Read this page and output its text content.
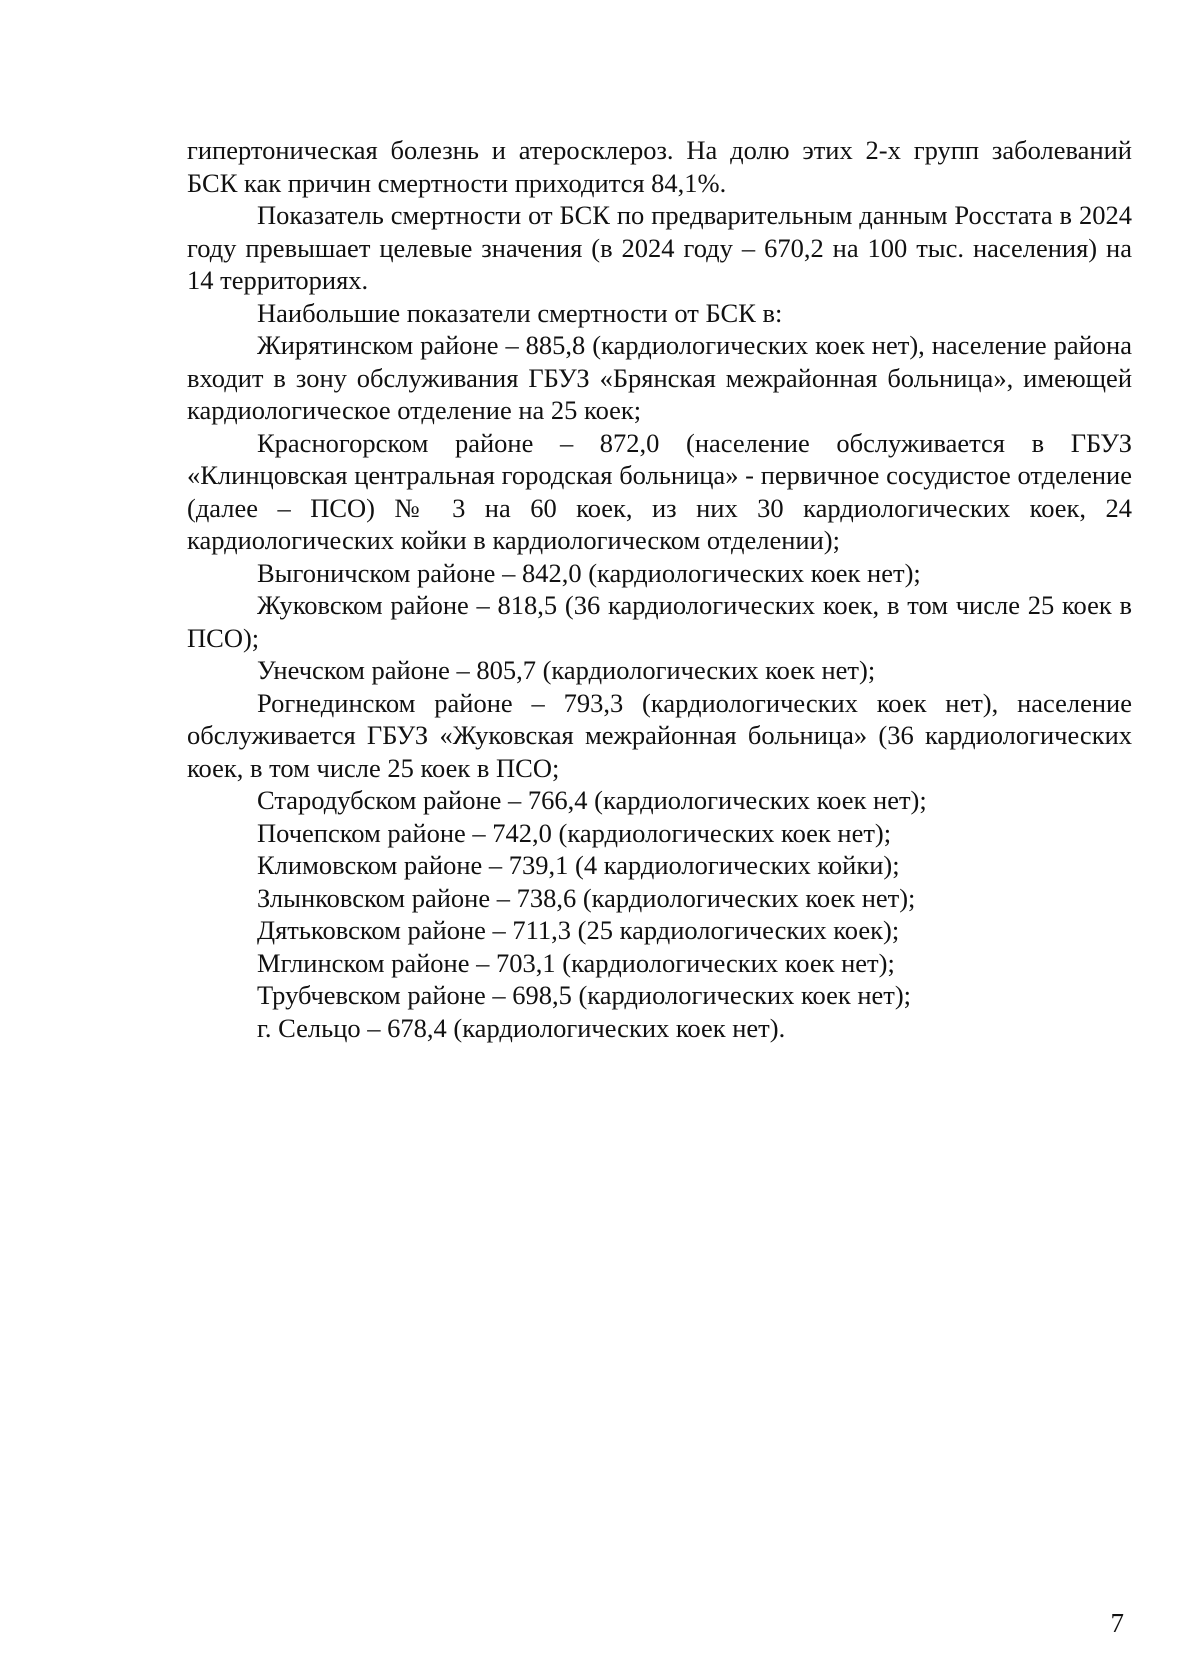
гипертоническая болезнь и атеросклероз. На долю этих 2-х групп заболеваний БСК как причин смертности приходится 84,1%.

Показатель смертности от БСК по предварительным данным Росстата в 2024 году превышает целевые значения (в 2024 году – 670,2 на 100 тыс. населения) на 14 территориях.

Наибольшие показатели смертности от БСК в:

Жирятинском районе – 885,8 (кардиологических коек нет), население района входит в зону обслуживания ГБУЗ «Брянская межрайонная больница», имеющей кардиологическое отделение на 25 коек;

Красногорском районе – 872,0 (население обслуживается в ГБУЗ «Клинцовская центральная городская больница» - первичное сосудистое отделение (далее – ПСО) № 3 на 60 коек, из них 30 кардиологических коек, 24 кардиологических койки в кардиологическом отделении);

Выгоничском районе – 842,0 (кардиологических коек нет);

Жуковском районе – 818,5 (36 кардиологических коек, в том числе 25 коек в ПСО);

Унечском районе – 805,7 (кардиологических коек нет);

Рогнединском районе – 793,3 (кардиологических коек нет), население обслуживается ГБУЗ «Жуковская межрайонная больница» (36 кардиологических коек, в том числе 25 коек в ПСО;

Стародубском районе – 766,4 (кардиологических коек нет);

Почепском районе – 742,0 (кардиологических коек нет);

Климовском районе – 739,1 (4 кардиологических койки);

Злынковском районе – 738,6 (кардиологических коек нет);

Дятьковском районе – 711,3 (25 кардиологических коек);

Мглинском районе – 703,1 (кардиологических коек нет);

Трубчевском районе – 698,5 (кардиологических коек нет);

г. Сельцо – 678,4 (кардиологических коек нет).

7
